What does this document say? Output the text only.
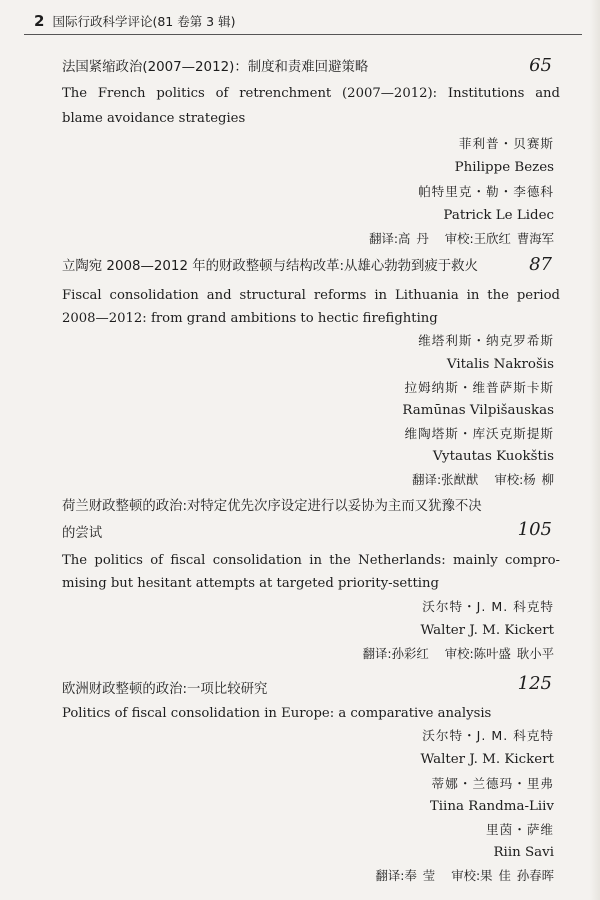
2 国际行政科学评论(81 卷第 3 辑)
法国紧缩政治(2007—2012)：制度和责难回避策略	65
The French politics of retrenchment (2007—2012): Institutions and
blame avoidance strategies
菲利普・贝赛斯
Philippe Bezes
帕特里克・勒・李德科
Patrick Le Lidec
翻译:高 丹 审校:王欣红 曹海军
立陶宛 2008—2012 年的财政整顿与结构改革:从雄心勃勃到疲于救火	87
Fiscal consolidation and structural reforms in Lithuania in the period
2008—2012: from grand ambitions to hectic firefighting
维塔利斯・纳克罗希斯
Vitalis Nakrošis
拉姆纳斯・维普萨斯卡斯
Ramūnas Vilpišauskas
维陶塔斯・库沃克斯提斯
Vytautas Kuokštis
翻译:张猷猷 审校:杨 柳
荷兰财政整顿的政治:对特定优先次序设定进行以妥协为主而又犹豫不决
的尝试	105
The politics of fiscal consolidation in the Netherlands: mainly compro-
mising but hesitant attempts at targeted priority-setting
沃尔特・J. M. 科克特
Walter J. M. Kickert
翻译:孙彩红 审校:陈叶盛 耿小平
欧洲财政整顿的政治:一项比较研究	125
Politics of fiscal consolidation in Europe: a comparative analysis
沃尔特・J. M. 科克特
Walter J. M. Kickert
蒂娜・兰德玛・里弗
Tiina Randma-Liiv
里茵・萨维
Riin Savi
翻译:奉 莹 审校:果 佳 孙春晖
